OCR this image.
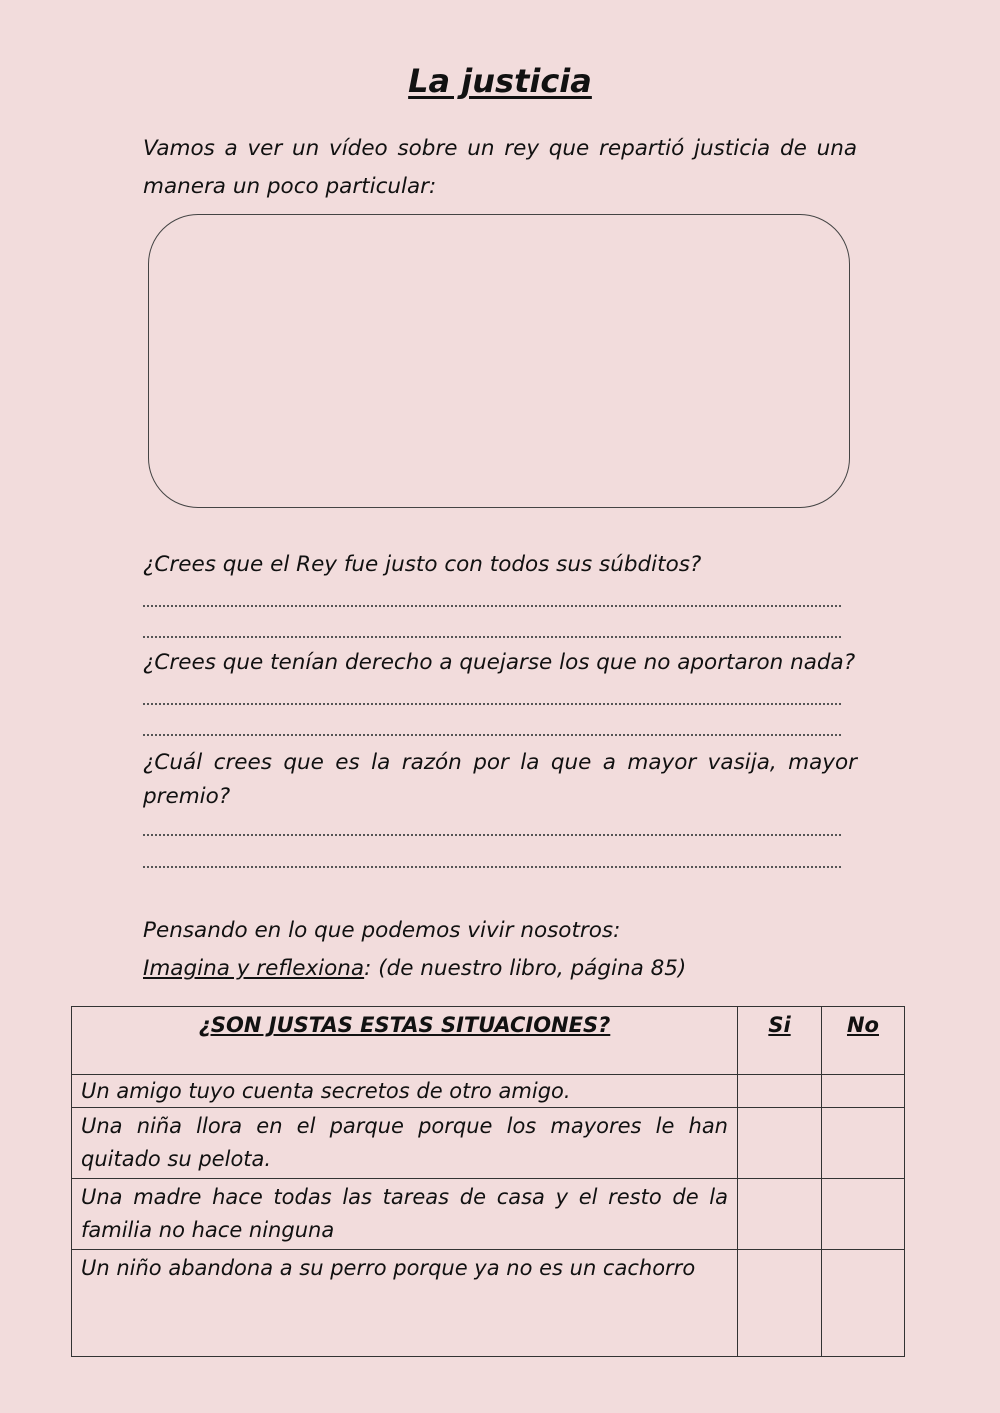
La justicia
Vamos a ver un vídeo sobre un rey que repartió justicia de una manera un poco particular:
¿Crees que el Rey fue justo con todos sus súbditos?
¿Crees que tenían derecho a quejarse los que no aportaron nada?
¿Cuál crees que es la razón por la que a mayor vasija, mayor premio?
Pensando en lo que podemos vivir nosotros:
Imagina y reflexiona: (de nuestro libro, página 85)
¿SON JUSTAS ESTAS SITUACIONES?	Si	No
Un amigo tuyo cuenta secretos de otro amigo.		
Una niña llora en el parque porque los mayores le han quitado su pelota.		
Una madre hace todas las tareas de casa y el resto de la familia no hace ninguna		
Un niño abandona a su perro porque ya no es un cachorro		
